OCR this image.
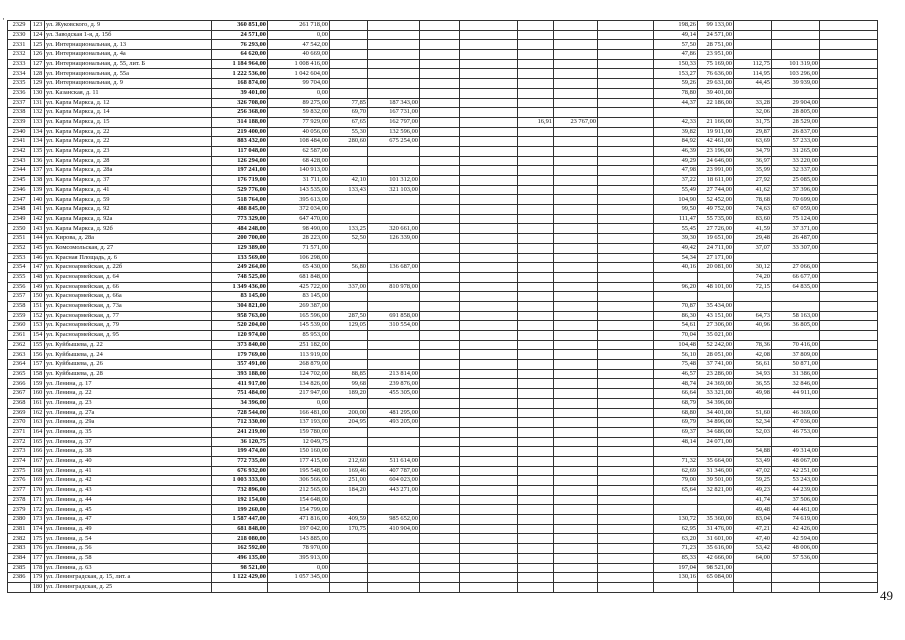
·
2329	123	ул. Жуковского, д. 9	360 851,00	261 718,00								198,26	99 133,00			
2330	124	ул. Заводская 1-я, д. 15б	24 571,00	0,00								49,14	24 571,00			
2331	125	ул. Интернациональная, д. 13	76 293,00	47 542,00								57,50	28 751,00			
2332	126	ул. Интернациональная, д. 4а	64 620,00	40 669,00								47,86	23 951,00			
2333	127	ул. Интернациональная, д. 55, лит. Б	1 184 964,00	1 008 416,00								150,33	75 169,00	112,75	101 319,00	
2334	128	ул. Интернациональная, д. 55а	1 222 536,00	1 042 604,00								153,27	76 636,00	114,95	103 296,00	
2335	129	ул. Интернациональная, д. 9	168 874,00	99 704,00								59,26	29 631,00	44,45	39 939,00	
2336	130	ул. Казанская, д. 11	39 401,00	0,00								78,80	39 401,00			
2337	131	ул. Карла Маркса, д. 12	326 708,00	89 275,00	77,85	187 343,00						44,37	22 186,00	33,28	29 904,00	
2338	132	ул. Карла Маркса, д. 14	256 368,00	59 832,00	69,70	167 731,00								32,06	28 805,00	
2339	133	ул. Карла Маркса, д. 15	314 188,00	77 929,00	67,65	162 797,00			16,91	23 767,00		42,33	21 166,00	31,75	28 529,00	
2340	134	ул. Карла Маркса, д. 22	219 400,00	40 056,00	55,30	132 596,00						39,82	19 911,00	29,87	26 837,00	
2341	134	ул. Карла Маркса, д. 22	883 432,00	108 484,00	280,60	675 254,00						84,92	42 461,00	63,69	57 233,00	
2342	135	ул. Карла Маркса, д. 23	117 048,00	62 587,00								46,39	23 196,00	34,79	31 265,00	
2343	136	ул. Карла Маркса, д. 28	126 294,00	68 428,00								49,29	24 646,00	36,97	33 220,00	
2344	137	ул. Карла Маркса, д. 28а	197 241,00	140 913,00								47,98	23 991,00	35,99	32 337,00	
2345	138	ул. Карла Маркса, д. 37	176 719,00	31 711,00	42,10	101 312,00						37,22	18 611,00	27,92	25 085,00	
2346	139	ул. Карла Маркса, д. 41	529 776,00	143 535,00	133,43	321 103,00						55,49	27 744,00	41,62	37 396,00	
2347	140	ул. Карла Маркса, д. 59	518 764,00	395 613,00								104,90	52 452,00	78,68	70 699,00	
2348	141	ул. Карла Маркса, д. 92	488 845,00	372 034,00								99,50	49 752,00	74,63	67 059,00	
2349	142	ул. Карла Маркса, д. 92а	773 329,00	647 470,00								111,47	55 735,00	83,60	75 124,00	
2350	143	ул. Карла Маркса, д. 92б	484 248,00	98 490,00	133,25	320 661,00						55,45	27 726,00	41,59	37 371,00	
2351	144	ул. Кирова, д. 28а	200 700,00	28 223,00	52,50	126 339,00						39,30	19 651,00	29,48	26 487,00	
2352	145	ул. Комсомольская, д. 27	129 389,00	71 571,00								49,42	24 711,00	37,07	33 307,00	
2353	146	ул. Красная Площадь, д. 6	133 569,00	106 298,00								54,34	27 171,00			
2354	147	ул. Красноармейская, д. 22б	249 264,00	65 430,00	56,80	136 687,00						40,16	20 081,00	30,12	27 066,00	
2355	148	ул. Красноармейская, д. 64	748 525,00	681 848,00										74,20	66 677,00	
2356	149	ул. Красноармейская, д. 66	1 349 436,00	425 722,00	337,00	810 978,00						96,20	48 101,00	72,15	64 835,00	
2357	150	ул. Красноармейская, д. 66а	83 145,00	83 145,00												
2358	151	ул. Красноармейская, д. 73а	304 821,00	269 387,00								70,87	35 434,00			
2359	152	ул. Красноармейская, д. 77	958 763,00	165 596,00	287,50	691 858,00						86,30	43 151,00	64,73	58 163,00	
2360	153	ул. Красноармейская, д. 79	520 204,00	145 539,00	129,05	310 554,00						54,61	27 306,00	40,96	36 805,00	
2361	154	ул. Красноармейская, д. 95	120 974,00	85 953,00								70,04	35 021,00			
2362	155	ул. Куйбышева, д. 22	373 840,00	251 182,00								104,48	52 242,00	78,36	70 416,00	
2363	156	ул. Куйбышева, д. 24	179 769,00	113 919,00								56,10	28 051,00	42,08	37 809,00	
2364	157	ул. Куйбышева, д. 26	357 491,00	268 879,00								75,48	37 741,00	56,61	50 871,00	
2365	158	ул. Куйбышева, д. 28	393 188,00	124 702,00	88,85	213 814,00						46,57	23 286,00	34,93	31 386,00	
2366	159	ул. Ленина, д. 17	411 917,00	134 826,00	99,68	239 876,00						48,74	24 369,00	36,55	32 846,00	
2367	160	ул. Ленина, д. 22	751 484,00	217 947,00	189,20	455 305,00						66,64	33 321,00	49,98	44 911,00	
2368	161	ул. Ленина, д. 23	34 396,00	0,00								68,79	34 396,00			
2369	162	ул. Ленина, д. 27а	728 544,00	166 481,00	200,00	481 295,00						68,80	34 401,00	51,60	46 369,00	
2370	163	ул. Ленина, д. 29а	712 330,00	137 193,00	204,95	493 205,00						69,79	34 896,00	52,34	47 036,00	
2371	164	ул. Ленина, д. 35	241 219,00	159 780,00								69,37	34 686,00	52,03	46 753,00	
2372	165	ул. Ленина, д. 37	36 120,75	12 049,75								48,14	24 071,00			
2373	166	ул. Ленина, д. 38	199 474,00	150 160,00										54,88	49 314,00	
2374	167	ул. Ленина, д. 40	772 735,00	177 415,00	212,60	511 614,00						71,32	35 664,00	53,49	48 067,00	
2375	168	ул. Ленина, д. 41	676 932,00	195 548,00	169,46	407 787,00						62,69	31 346,00	47,02	42 251,00	
2376	169	ул. Ленина, д. 42	1 003 333,00	306 566,00	251,00	604 023,00						79,00	39 501,00	59,25	53 243,00	
2377	170	ул. Ленина, д. 43	732 896,00	212 565,00	184,20	443 271,00						65,64	32 821,00	49,23	44 239,00	
2378	171	ул. Ленина, д. 44	192 154,00	154 648,00										41,74	37 506,00	
2379	172	ул. Ленина, д. 45	199 260,00	154 799,00										49,48	44 461,00	
2380	173	ул. Ленина, д. 47	1 587 447,00	471 816,00	409,59	985 652,00						130,72	35 360,00	83,04	74 619,00	
2381	174	ул. Ленина, д. 49	681 848,00	197 042,00	170,75	410 904,00						62,95	31 476,00	47,21	42 426,00	
2382	175	ул. Ленина, д. 54	218 080,00	143 885,00								63,20	31 601,00	47,40	42 594,00	
2383	176	ул. Ленина, д. 56	162 592,00	78 970,00								71,23	35 616,00	53,42	48 006,00	
2384	177	ул. Ленина, д. 58	496 135,00	395 913,00								85,33	42 666,00	64,00	57 536,00	
2385	178	ул. Ленина, д. 63	98 521,00	0,00								197,04	98 521,00			
2386	179	ул. Ленинградская, д. 15, лит. а	1 122 429,00	1 057 345,00								130,16	65 084,00			
	180	ул. Ленинградская, д. 25														
49
